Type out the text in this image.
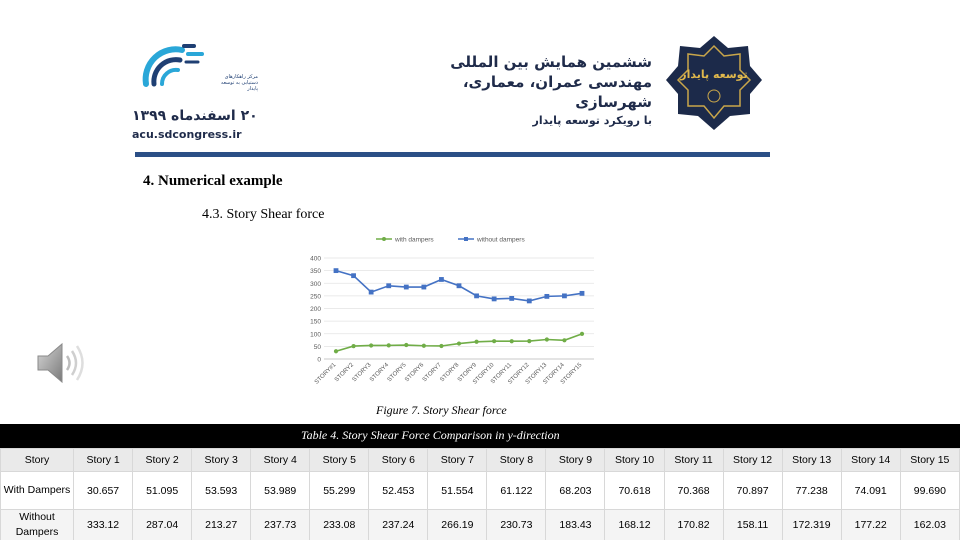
مرکز راهکارهای دستیابی به توسعه پایدار
۲۰ اسفندماه ۱۳۹۹
acu.sdcongress.ir
ششمین همایش بین المللی
مهندسی عمران، معماری، شهرسازی
با رویکرد توسعه پایدار
توسعه پایدار
4. Numerical example
4.3. Story Shear force
0
50
100
150
200
250
300
350
400
STORY#1
STORY2
STORY3
STORY4
STORY5
STORY6
STORY7
STORY8
STORY9
STORY10
STORY11
STORY12
STORY13
STORY14
STORY15
with dampers	without dampers
Figure 7. Story Shear force
Table 4. Story Shear Force Comparison in y-direction
Story	Story 1	Story 2	Story 3	Story 4	Story 5	Story 6	Story 7	Story 8	Story 9	Story 10	Story 11	Story 12	Story 13	Story 14	Story 15
With Dampers	30.657	51.095	53.593	53.989	55.299	52.453	51.554	61.122	68.203	70.618	70.368	70.897	77.238	74.091	99.690
Without Dampers	333.12	287.04	213.27	237.73	233.08	237.24	266.19	230.73	183.43	168.12	170.82	158.11	172.319	177.22	162.03
